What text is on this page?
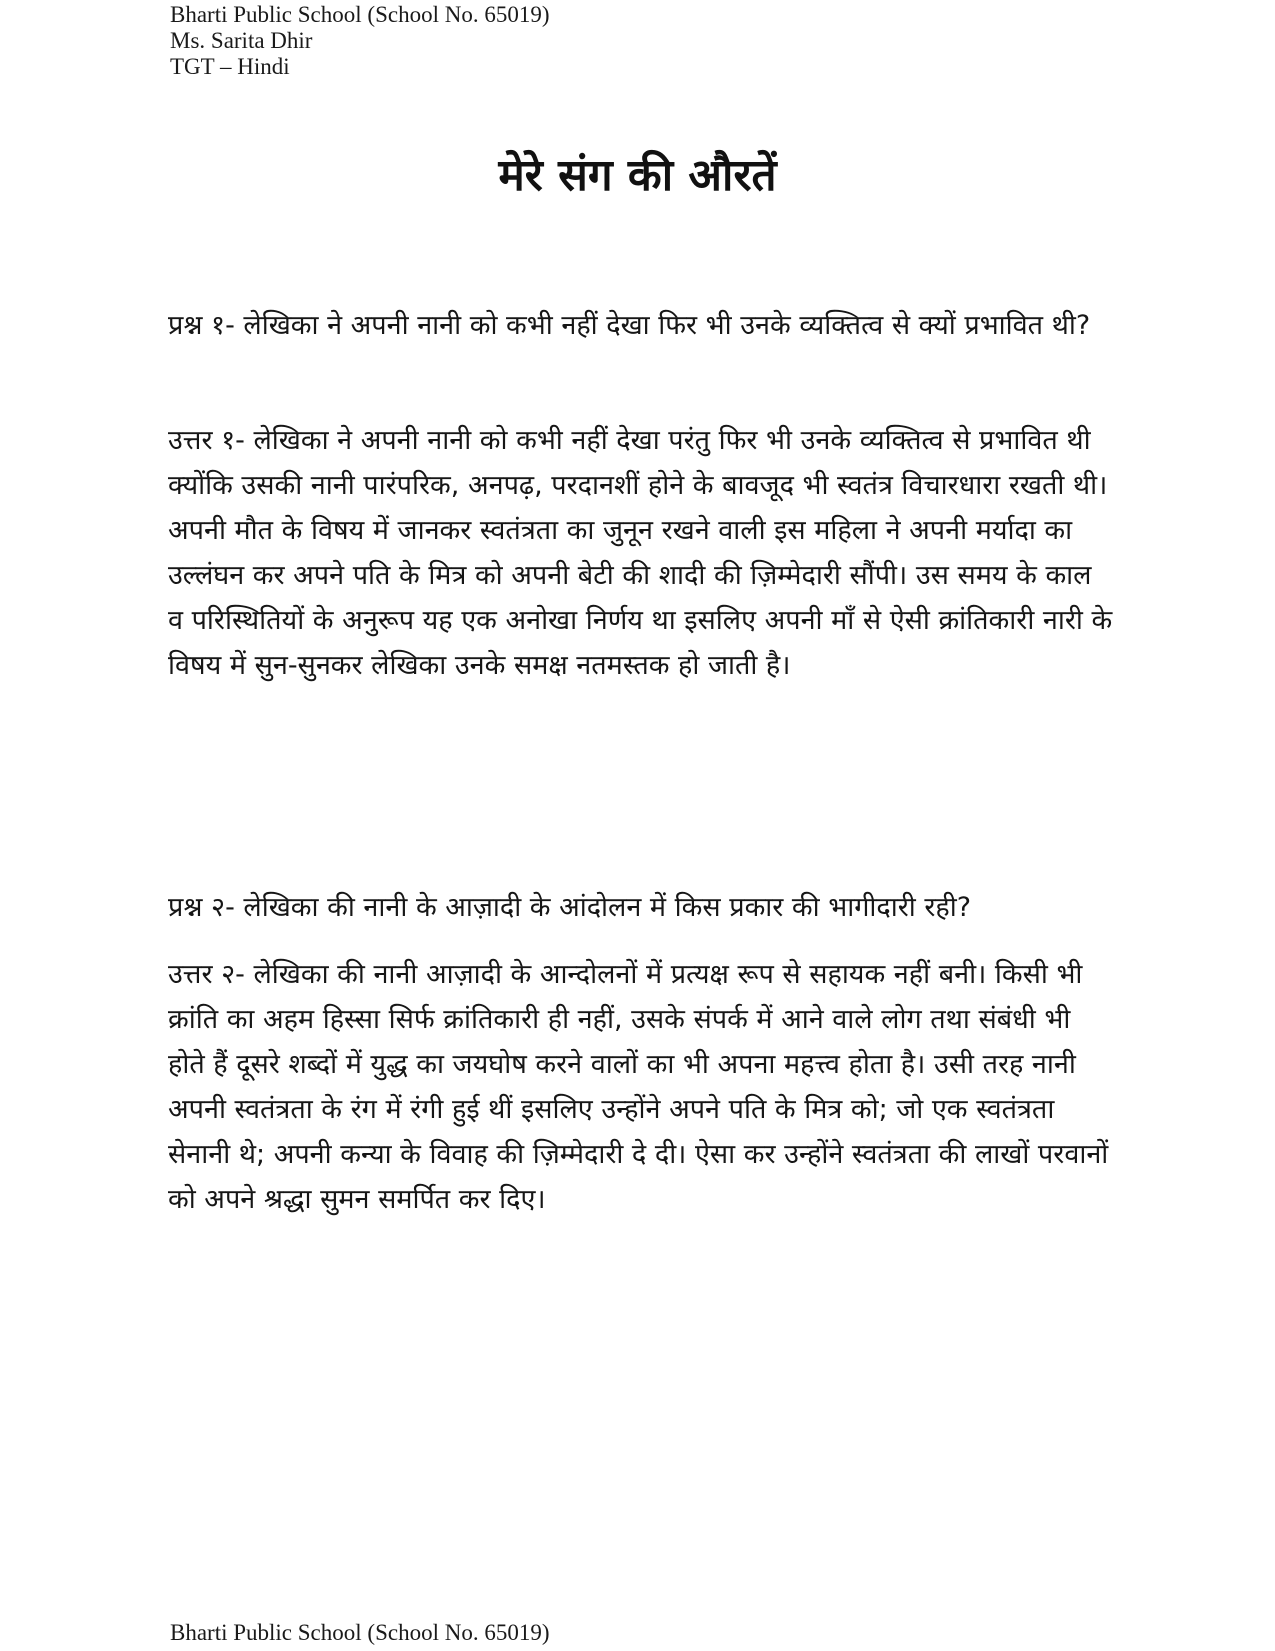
Bharti Public School (School No. 65019)
Ms. Sarita Dhir
TGT – Hindi
मेरे संग की औरतें

प्रश्न १- लेखिका ने अपनी नानी को कभी नहीं देखा फिर भी उनके व्यक्तित्व से क्यों प्रभावित थी?

उत्तर १- लेखिका ने अपनी नानी को कभी नहीं देखा परंतु फिर भी उनके व्यक्तित्व से प्रभावित थी क्योंकि उसकी नानी पारंपरिक, अनपढ़, परदानशीं होने के बावजूद भी स्वतंत्र विचारधारा रखती थी। अपनी मौत के विषय में जानकर स्वतंत्रता का जुनून रखने वाली इस महिला ने अपनी मर्यादा का उल्लंघन कर अपने पति के मित्र को अपनी बेटी की शादी की ज़िम्मेदारी सौंपी। उस समय के काल व परिस्थितियों के अनुरूप यह एक अनोखा निर्णय था इसलिए अपनी माँ से ऐसी क्रांतिकारी नारी के विषय में सुन-सुनकर लेखिका उनके समक्ष नतमस्तक हो जाती है।

प्रश्न २- लेखिका की नानी के आज़ादी के आंदोलन में किस प्रकार की भागीदारी रही?

उत्तर २- लेखिका की नानी आज़ादी के आन्दोलनों में प्रत्यक्ष रूप से सहायक नहीं बनी। किसी भी क्रांति का अहम हिस्सा सिर्फ क्रांतिकारी ही नहीं, उसके संपर्क में आने वाले लोग तथा संबंधी भी होते हैं दूसरे शब्दों में युद्ध का जयघोष करने वालों का भी अपना महत्त्व होता है। उसी तरह नानी अपनी स्वतंत्रता के रंग में रंगी हुई थीं इसलिए उन्होंने अपने पति के मित्र को; जो एक स्वतंत्रता सेनानी थे; अपनी कन्या के विवाह की ज़िम्मेदारी दे दी। ऐसा कर उन्होंने स्वतंत्रता की लाखों परवानों को अपने श्रद्धा सुमन समर्पित कर दिए।

Bharti Public School (School No. 65019)
